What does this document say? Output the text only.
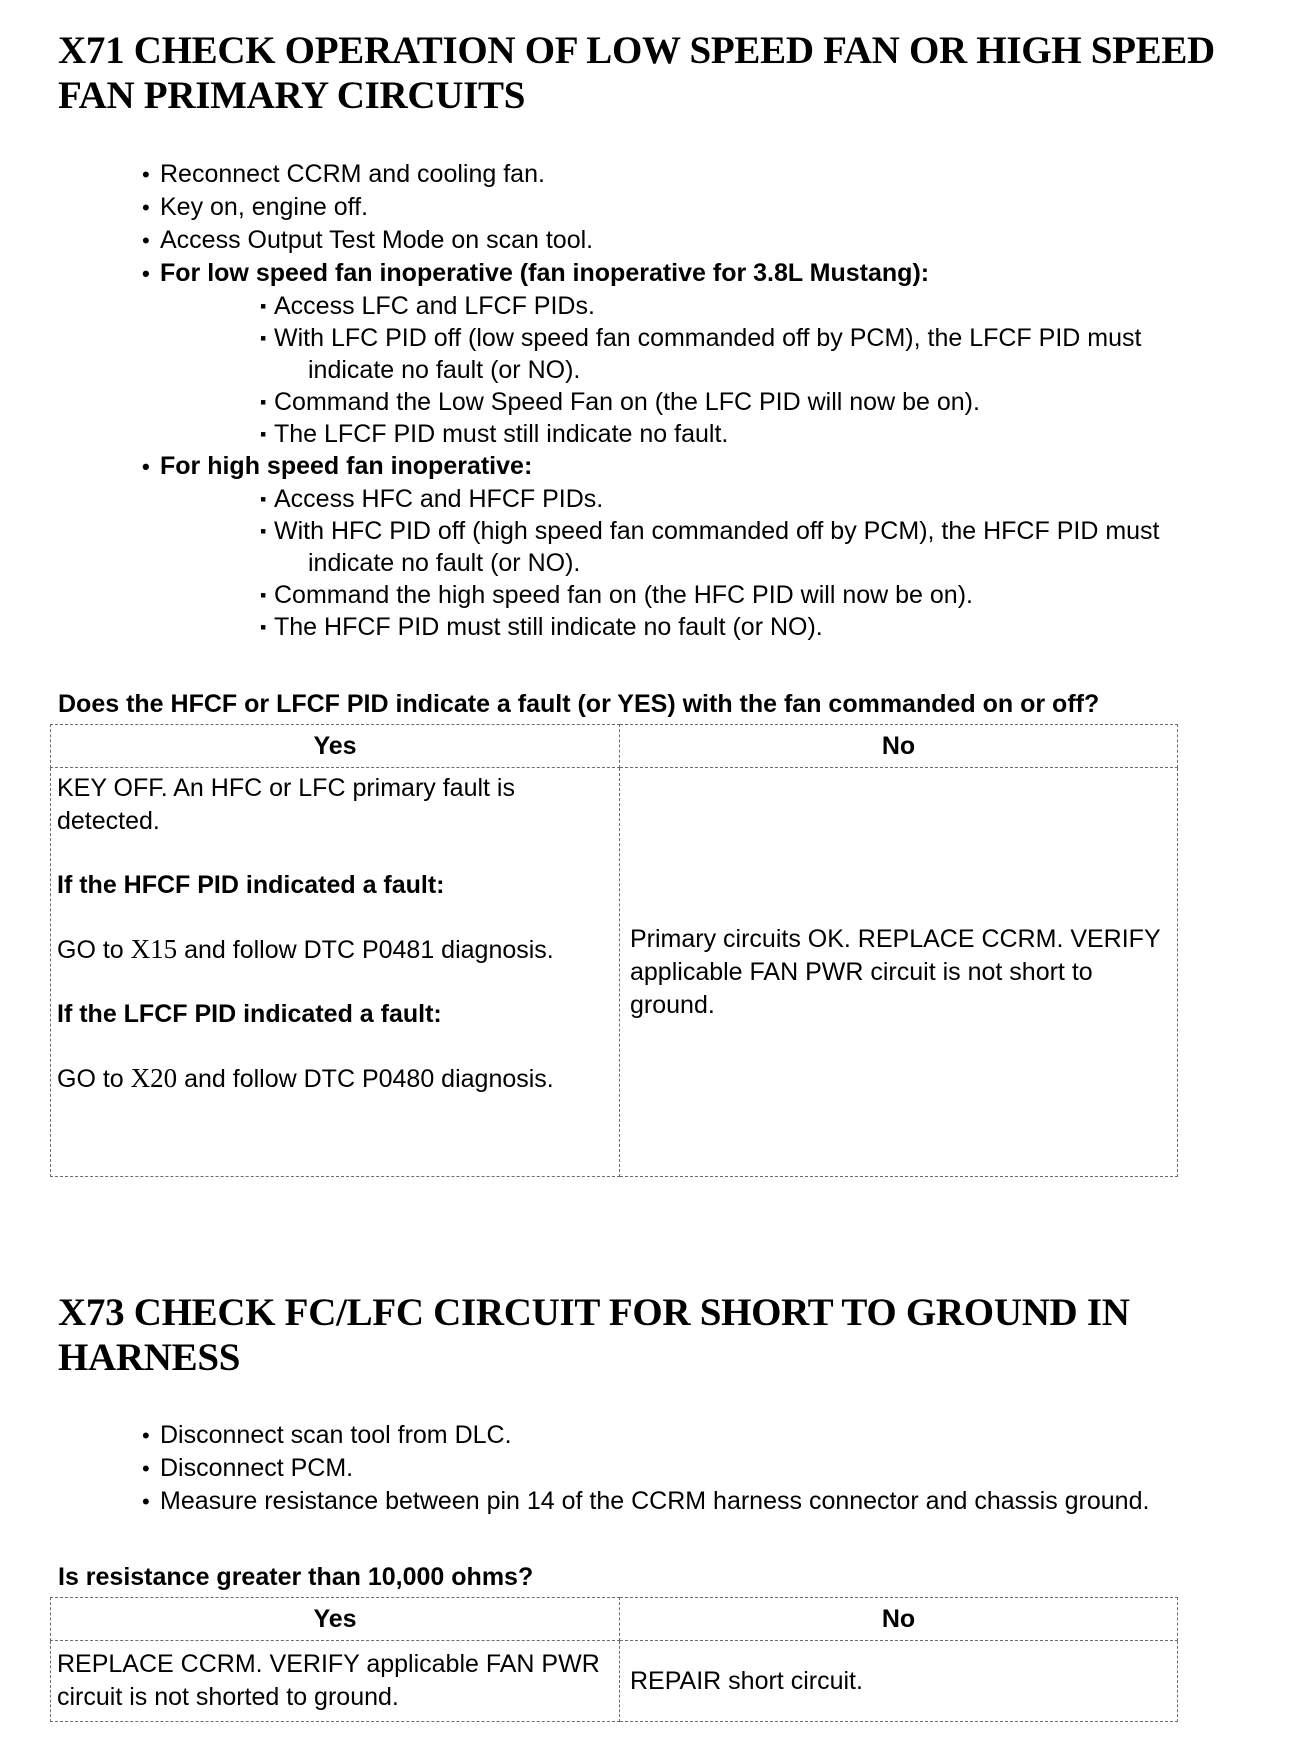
X71 CHECK OPERATION OF LOW SPEED FAN OR HIGH SPEED FAN PRIMARY CIRCUITS
• Reconnect CCRM and cooling fan.
• Key on, engine off.
• Access Output Test Mode on scan tool.
• For low speed fan inoperative (fan inoperative for 3.8L Mustang):
▪ Access LFC and LFCF PIDs.
▪ With LFC PID off (low speed fan commanded off by PCM), the LFCF PID must
indicate no fault (or NO).
▪ Command the Low Speed Fan on (the LFC PID will now be on).
▪ The LFCF PID must still indicate no fault.
• For high speed fan inoperative:
▪ Access HFC and HFCF PIDs.
▪ With HFC PID off (high speed fan commanded off by PCM), the HFCF PID must
indicate no fault (or NO).
▪ Command the high speed fan on (the HFC PID will now be on).
▪ The HFCF PID must still indicate no fault (or NO).

Does the HFCF or LFCF PID indicate a fault (or YES) with the fan commanded on or off?

Yes	No

KEY OFF. An HFC or LFC primary fault is detected.

If the HFCF PID indicated a fault:

GO to X15 and follow DTC P0481 diagnosis.

If the LFCF PID indicated a fault:

GO to X20 and follow DTC P0480 diagnosis.	Primary circuits OK. REPLACE CCRM. VERIFY applicable FAN PWR circuit is not short to ground.
X73 CHECK FC/LFC CIRCUIT FOR SHORT TO GROUND IN HARNESS
• Disconnect scan tool from DLC.
• Disconnect PCM.
• Measure resistance between pin 14 of the CCRM harness connector and chassis ground.

Is resistance greater than 10,000 ohms?

Yes	No
REPLACE CCRM. VERIFY applicable FAN PWR circuit is not shorted to ground.	REPAIR short circuit.
